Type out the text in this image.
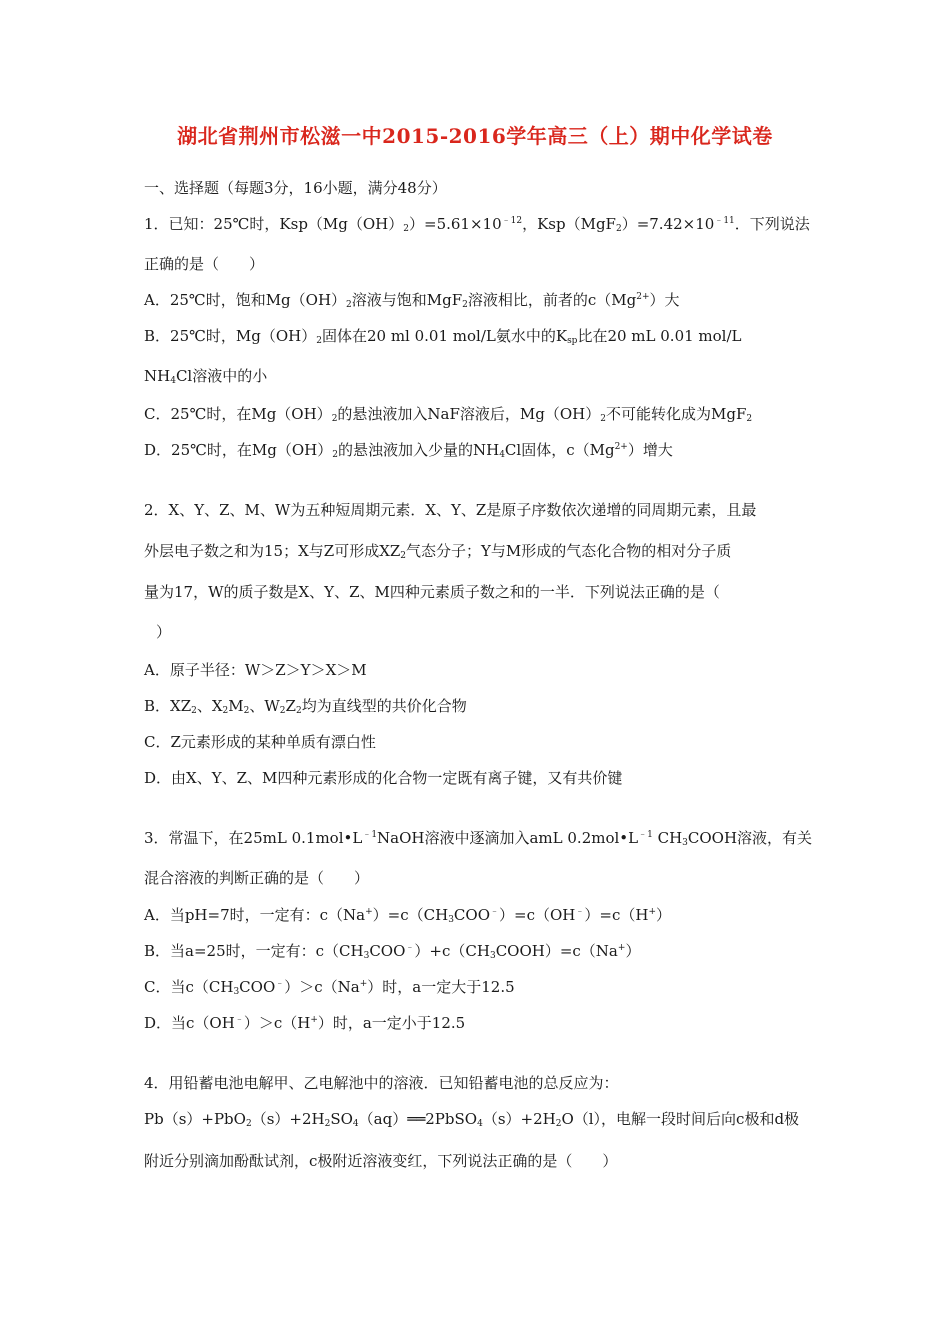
湖北省荆州市松滋一中2015-2016学年高三（上）期中化学试卷
一、选择题（每题3分，16小题，满分48分）
1．已知：25℃时，$Ksp(Mg(OH)_2)=5.61\times 10^{﹣12}$，$Ksp(MgF_2)=7.42\times 10^{﹣11}$．下列说法
正确的是（　　）
A．25℃时，饱和$Mg(OH)_2$溶液与饱和MgF$_2$溶液相比，前者的$c(Mg^{2+})$大
B．25℃时，$Mg(OH)_2$固体在20 ml 0.01 mol/L氨水中的$K_{sp}$比在20 mL 0.01 mol/L
$NH_4Cl$溶液中的小
C．25℃时，在$Mg(OH)_2$的悬浊液加入NaF溶液后，$Mg(OH)_2$不可能转化成为MgF$_2$
D．25℃时，在$Mg(OH)_2$的悬浊液加入少量的$NH_4Cl$固体，$c(Mg^{2+})$增大
2．X、Y、Z、M、W为五种短周期元素．X、Y、Z是原子序数依次递增的同周期元素，且最
外层电子数之和为15；X与Z可形成$XZ_2$气态分子；Y与M形成的气态化合物的相对分子质
量为17，W的质子数是X、Y、Z、M四种元素质子数之和的一半．下列说法正确的是（
）
A．原子半径：W＞Z＞Y＞X＞M
B．$XZ_2$、$X_2M_2$、$W_2Z_2$均为直线型的共价化合物
C．Z元素形成的某种单质有漂白性
D．由X、Y、Z、M四种元素形成的化合物一定既有离子键，又有共价键
3．常温下，在25mL $0.1mol•L^{﹣1}NaOH$溶液中逐滴加入amL $0.2mol•L^{﹣1}$ $CH_3COOH$溶液，有关
混合溶液的判断正确的是（　　）
A．当pH=7时，一定有：$c(Na^+)=c(CH_3COO^﹣)=c(OH^﹣)=c(H^+)$
B．当a=25时，一定有：$c(CH_3COO^﹣)+c(CH_3COOH)=c(Na^+)$
C．当$c(CH_3COO^﹣)>c(Na^+)$时，a一定大于12.5
D．当c（OH﹣）＞c（H+）时，a一定小于12.5
4．用铅蓄电池电解甲、乙电解池中的溶液．已知铅蓄电池的总反应为：
$Pb(s)+PbO_2(s)+2H_2SO_4(aq)══2PbSO_4(s)+2H_2O(l)$，电解一段时间后向c极和d极
附近分别滴加酚酞试剂，c极附近溶液变红，下列说法正确的是（　　）
